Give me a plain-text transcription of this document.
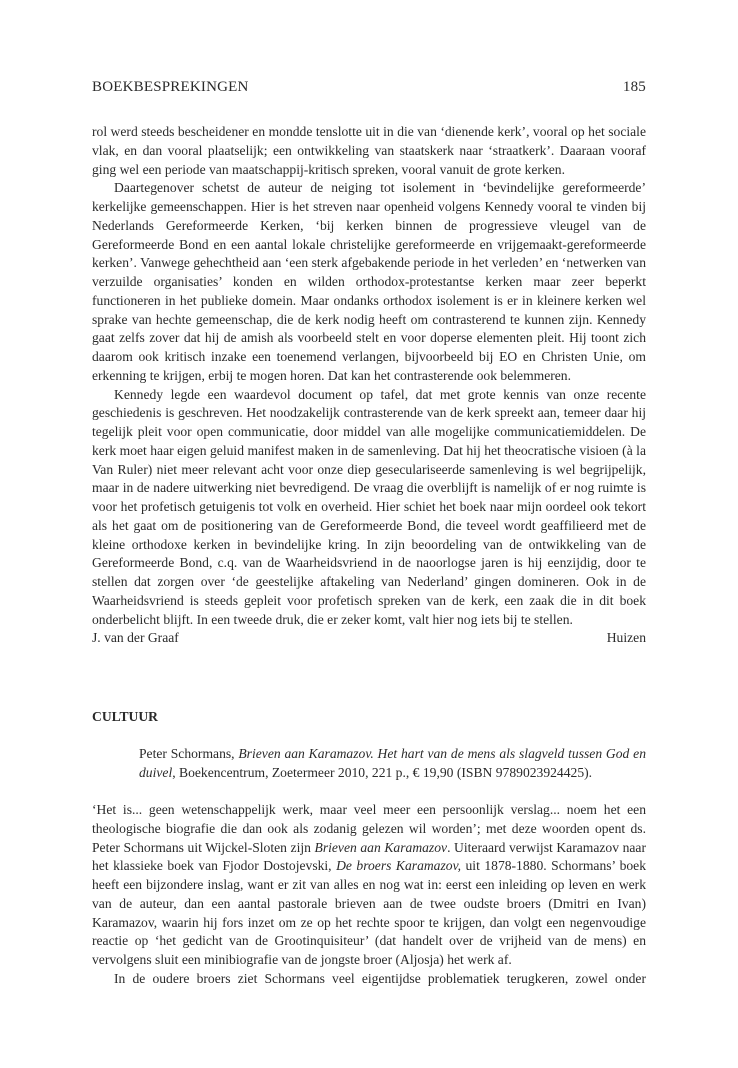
BOEKBESPREKINGEN	185

rol werd steeds bescheidener en mondde tenslotte uit in die van ‘dienende kerk’, vooral op het sociale vlak, en dan vooral plaatselijk; een ontwikkeling van staatskerk naar ‘straatkerk’. Daaraan vooraf ging wel een periode van maatschappij-kritisch spreken, vooral vanuit de grote kerken.

Daartegenover schetst de auteur de neiging tot isolement in ‘bevindelijke gereformeerde’ kerkelijke gemeenschappen. Hier is het streven naar openheid volgens Kennedy vooral te vinden bij Nederlands Gereformeerde Kerken, ‘bij kerken binnen de progressieve vleugel van de Gereformeerde Bond en een aantal lokale christelijke gereformeerde en vrijgemaakt-gereformeerde kerken’. Vanwege gehechtheid aan ‘een sterk afgebakende periode in het verleden’ en ‘netwerken van verzuilde organisaties’ konden en wilden orthodox-protestantse kerken maar zeer beperkt functioneren in het publieke domein. Maar ondanks orthodox isolement is er in kleinere kerken wel sprake van hechte gemeenschap, die de kerk nodig heeft om contrasterend te kunnen zijn. Kennedy gaat zelfs zover dat hij de amish als voorbeeld stelt en voor doperse elementen pleit. Hij toont zich daarom ook kritisch inzake een toenemend verlangen, bijvoorbeeld bij EO en Christen Unie, om erkenning te krijgen, erbij te mogen horen. Dat kan het contrasterende ook belemmeren.

Kennedy legde een waardevol document op tafel, dat met grote kennis van onze recente geschiedenis is geschreven. Het noodzakelijk contrasterende van de kerk spreekt aan, temeer daar hij tegelijk pleit voor open communicatie, door middel van alle mogelijke communicatiemiddelen. De kerk moet haar eigen geluid manifest maken in de samenleving. Dat hij het theocratische visioen (à la Van Ruler) niet meer relevant acht voor onze diep geseculariseerde samenleving is wel begrijpelijk, maar in de nadere uitwerking niet bevredigend. De vraag die overblijft is namelijk of er nog ruimte is voor het profetisch getuigenis tot volk en overheid. Hier schiet het boek naar mijn oordeel ook tekort als het gaat om de positionering van de Gereformeerde Bond, die teveel wordt geaffilieerd met de kleine orthodoxe kerken in bevindelijke kring. In zijn beoordeling van de ontwikkeling van de Gereformeerde Bond, c.q. van de Waarheidsvriend in de naoorlogse jaren is hij eenzijdig, door te stellen dat zorgen over ‘de geestelijke aftakeling van Nederland’ gingen domineren. Ook in de Waarheidsvriend is steeds gepleit voor profetisch spreken van de kerk, een zaak die in dit boek onderbelicht blijft. In een tweede druk, die er zeker komt, valt hier nog iets bij te stellen.

J. van der Graaf	Huizen
CULTUUR

Peter Schormans, Brieven aan Karamazov. Het hart van de mens als slagveld tussen God en duivel, Boekencentrum, Zoetermeer 2010, 221 p., € 19,90 (ISBN 9789023924425).

‘Het is... geen wetenschappelijk werk, maar veel meer een persoonlijk verslag... noem het een theologische biografie die dan ook als zodanig gelezen wil worden’; met deze woorden opent ds. Peter Schormans uit Wijckel-Sloten zijn Brieven aan Karamazov. Uiteraard verwijst Karamazov naar het klassieke boek van Fjodor Dostojevski, De broers Karamazov, uit 1878-1880. Schormans’ boek heeft een bijzondere inslag, want er zit van alles en nog wat in: eerst een inleiding op leven en werk van de auteur, dan een aantal pastorale brieven aan de twee oudste broers (Dmitri en Ivan) Karamazov, waarin hij fors inzet om ze op het rechte spoor te krijgen, dan volgt een negenvoudige reactie op ‘het gedicht van de Grootinquisiteur’ (dat handelt over de vrijheid van de mens) en vervolgens sluit een minibiografie van de jongste broer (Aljosja) het werk af.

In de oudere broers ziet Schormans veel eigentijdse problematiek terugkeren, zowel onder
